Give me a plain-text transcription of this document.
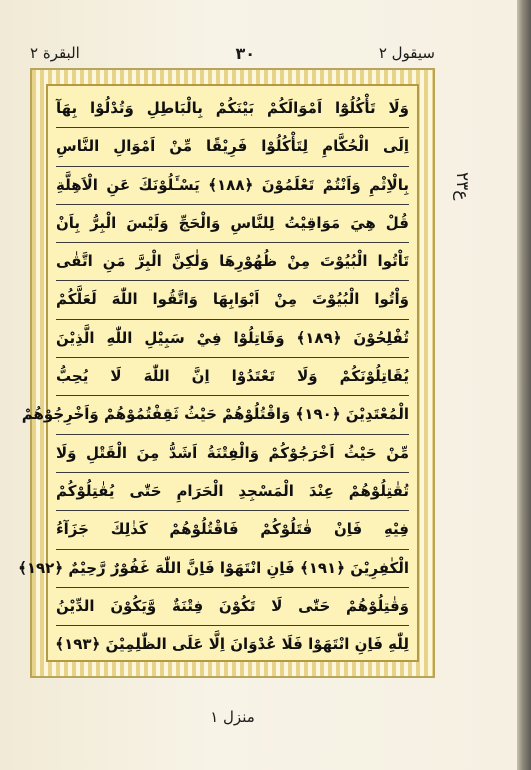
سیقول ٢
٣٠
البقرة ٢
وَلَا تَأْكُلُوْٓا اَمْوَالَكُمْ بَيْنَكُمْ بِالْبَاطِلِ وَتُدْلُوْا بِهَآ
اِلَى الْحُكَّامِ لِتَأْكُلُوْا فَرِيْقًا مِّنْ اَمْوَالِ النَّاسِ
بِالْاِثْمِ وَاَنْتُمْ تَعْلَمُوْنَ ﴿١٨٨﴾ يَسْـَٔلُوْنَكَ عَنِ الْاَهِلَّةِ
قُلْ هِيَ مَوَاقِيْتُ لِلنَّاسِ وَالْحَجِّ وَلَيْسَ الْبِرُّ بِاَنْ
تَاْتُوا الْبُيُوْتَ مِنْ ظُهُوْرِهَا وَلٰكِنَّ الْبِرَّ مَنِ اتَّقٰى
وَاْتُوا الْبُيُوْتَ مِنْ اَبْوَابِهَا وَاتَّقُوا اللّٰهَ لَعَلَّكُمْ
تُفْلِحُوْنَ ﴿١٨٩﴾ وَقَاتِلُوْا فِيْ سَبِيْلِ اللّٰهِ الَّذِيْنَ
يُقَاتِلُوْنَكُمْ وَلَا تَعْتَدُوْا اِنَّ اللّٰهَ لَا يُحِبُّ
الْمُعْتَدِيْنَ ﴿١٩٠﴾ وَاقْتُلُوْهُمْ حَيْثُ ثَقِفْتُمُوْهُمْ وَاَخْرِجُوْهُمْ
مِّنْ حَيْثُ اَخْرَجُوْكُمْ وَالْفِتْنَةُ اَشَدُّ مِنَ الْقَتْلِ وَلَا
تُقٰتِلُوْهُمْ عِنْدَ الْمَسْجِدِ الْحَرَامِ حَتّٰى يُقٰتِلُوْكُمْ
فِيْهِ فَاِنْ قٰتَلُوْكُمْ فَاقْتُلُوْهُمْ كَذٰلِكَ جَزَآءُ
الْكٰفِرِيْنَ ﴿١٩١﴾ فَاِنِ انْتَهَوْا فَاِنَّ اللّٰهَ غَفُوْرٌ رَّحِيْمٌ ﴿١٩٢﴾
وَقٰتِلُوْهُمْ حَتّٰى لَا تَكُوْنَ فِتْنَةٌ وَّيَكُوْنَ الدِّيْنُ
لِلّٰهِ فَاِنِ انْتَهَوْا فَلَا عُدْوَانَ اِلَّا عَلَى الظّٰلِمِيْنَ ﴿١٩٣﴾
ع٢٣
منزل ١
